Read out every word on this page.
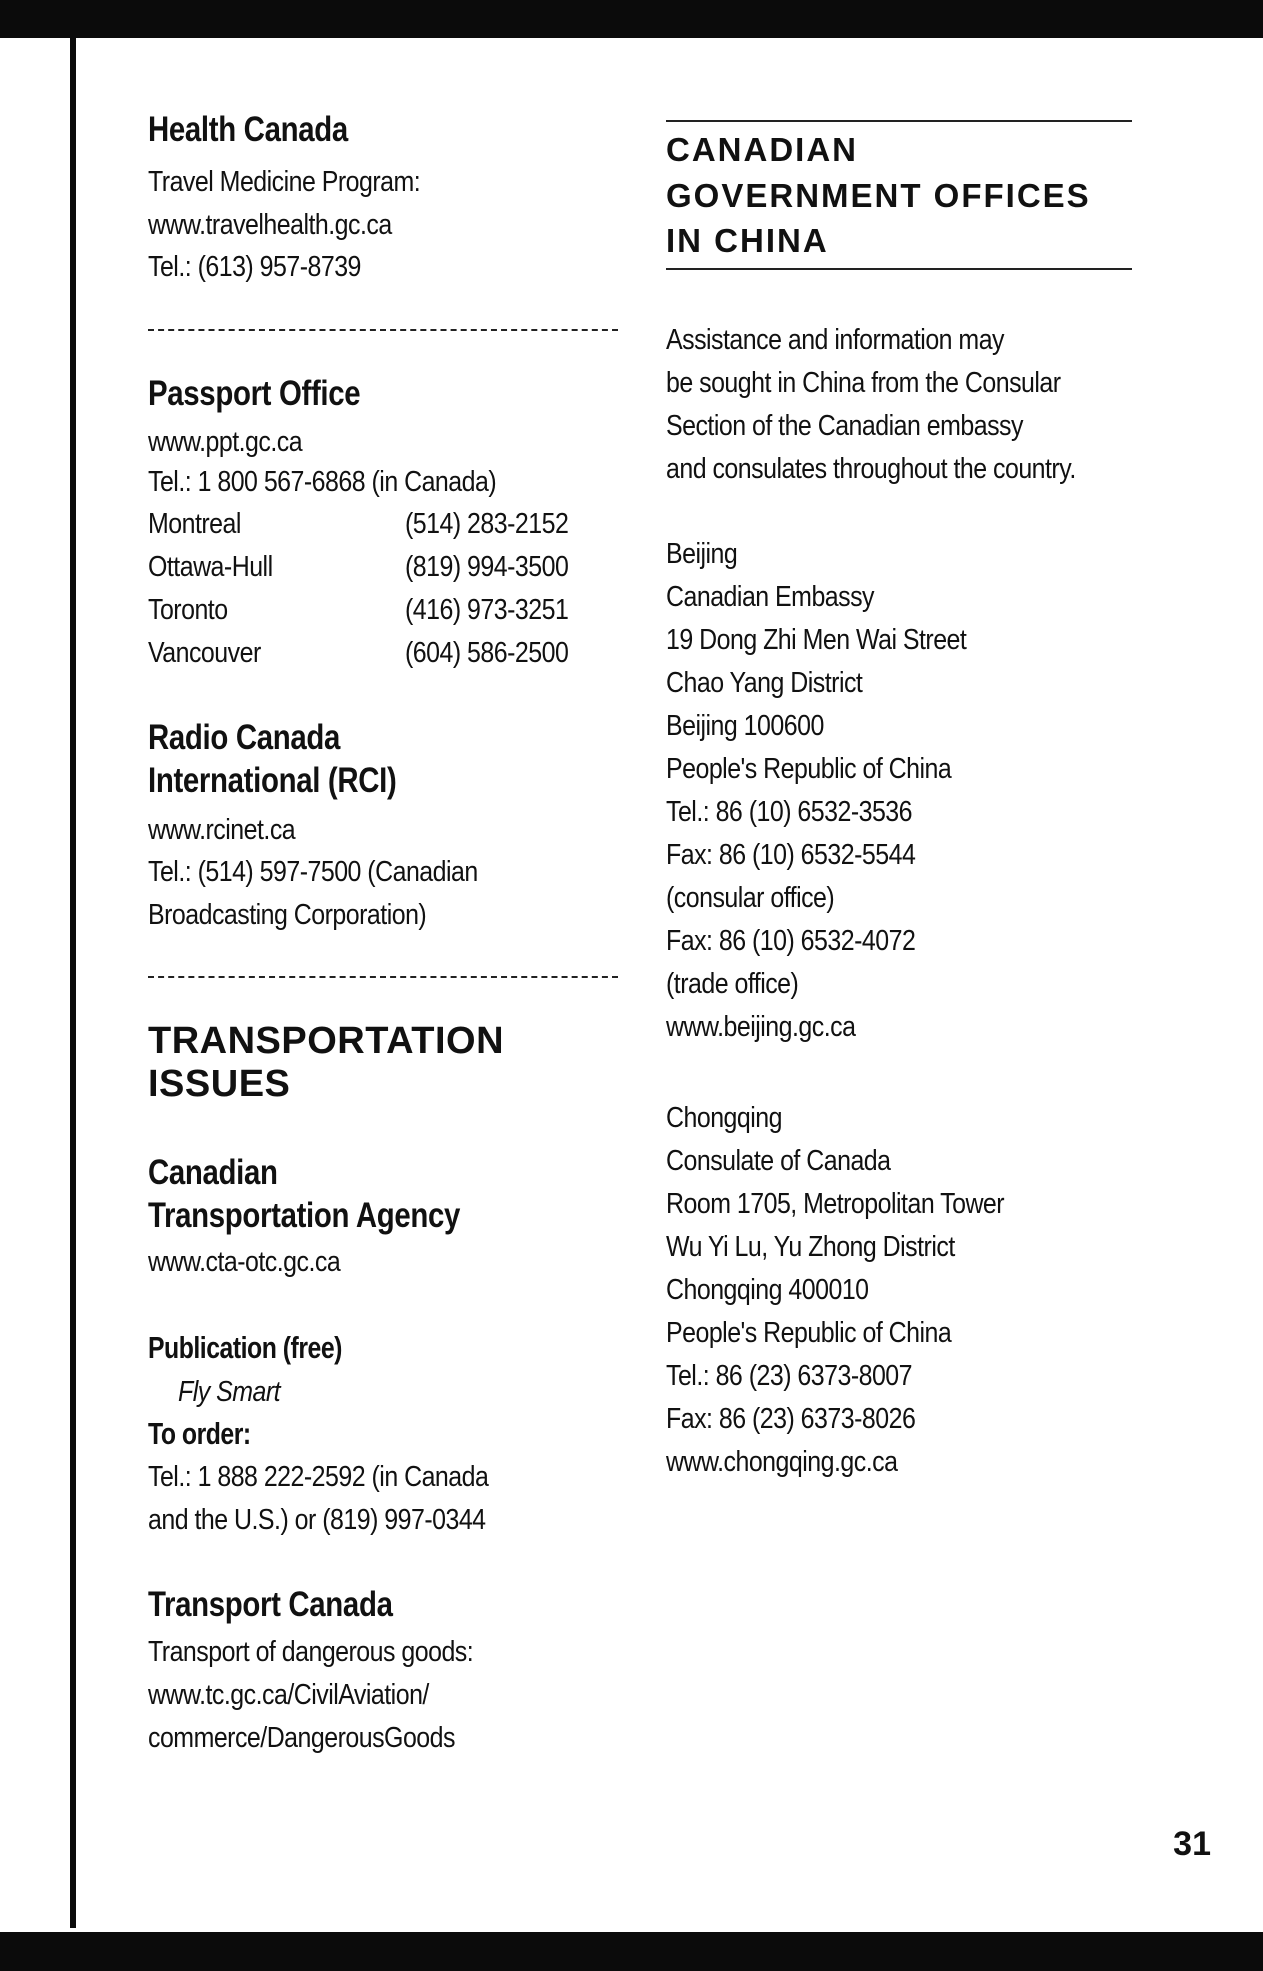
Health Canada
Travel Medicine Program:
www.travelhealth.gc.ca
Tel.: (613) 957-8739
Passport Office
www.ppt.gc.ca
Tel.: 1 800 567-6868 (in Canada)
Montreal	(514) 283-2152
Ottawa-Hull	(819) 994-3500
Toronto	(416) 973-3251
Vancouver	(604) 586-2500
Radio Canada
International (RCI)
www.rcinet.ca
Tel.: (514) 597-7500 (Canadian
Broadcasting Corporation)
TRANSPORTATION
ISSUES
Canadian
Transportation Agency
www.cta-otc.gc.ca
Publication (free)
Fly Smart
To order:
Tel.: 1 888 222-2592 (in Canada
and the U.S.) or (819) 997-0344
Transport Canada
Transport of dangerous goods:
www.tc.gc.ca/CivilAviation/
commerce/DangerousGoods
CANADIAN
GOVERNMENT OFFICES
IN CHINA
Assistance and information may
be sought in China from the Consular
Section of the Canadian embassy
and consulates throughout the country.
Beijing
Canadian Embassy
19 Dong Zhi Men Wai Street
Chao Yang District
Beijing 100600
People's Republic of China
Tel.: 86 (10) 6532-3536
Fax: 86 (10) 6532-5544
(consular office)
Fax: 86 (10) 6532-4072
(trade office)
www.beijing.gc.ca
Chongqing
Consulate of Canada
Room 1705, Metropolitan Tower
Wu Yi Lu, Yu Zhong District
Chongqing 400010
People's Republic of China
Tel.: 86 (23) 6373-8007
Fax: 86 (23) 6373-8026
www.chongqing.gc.ca
31
